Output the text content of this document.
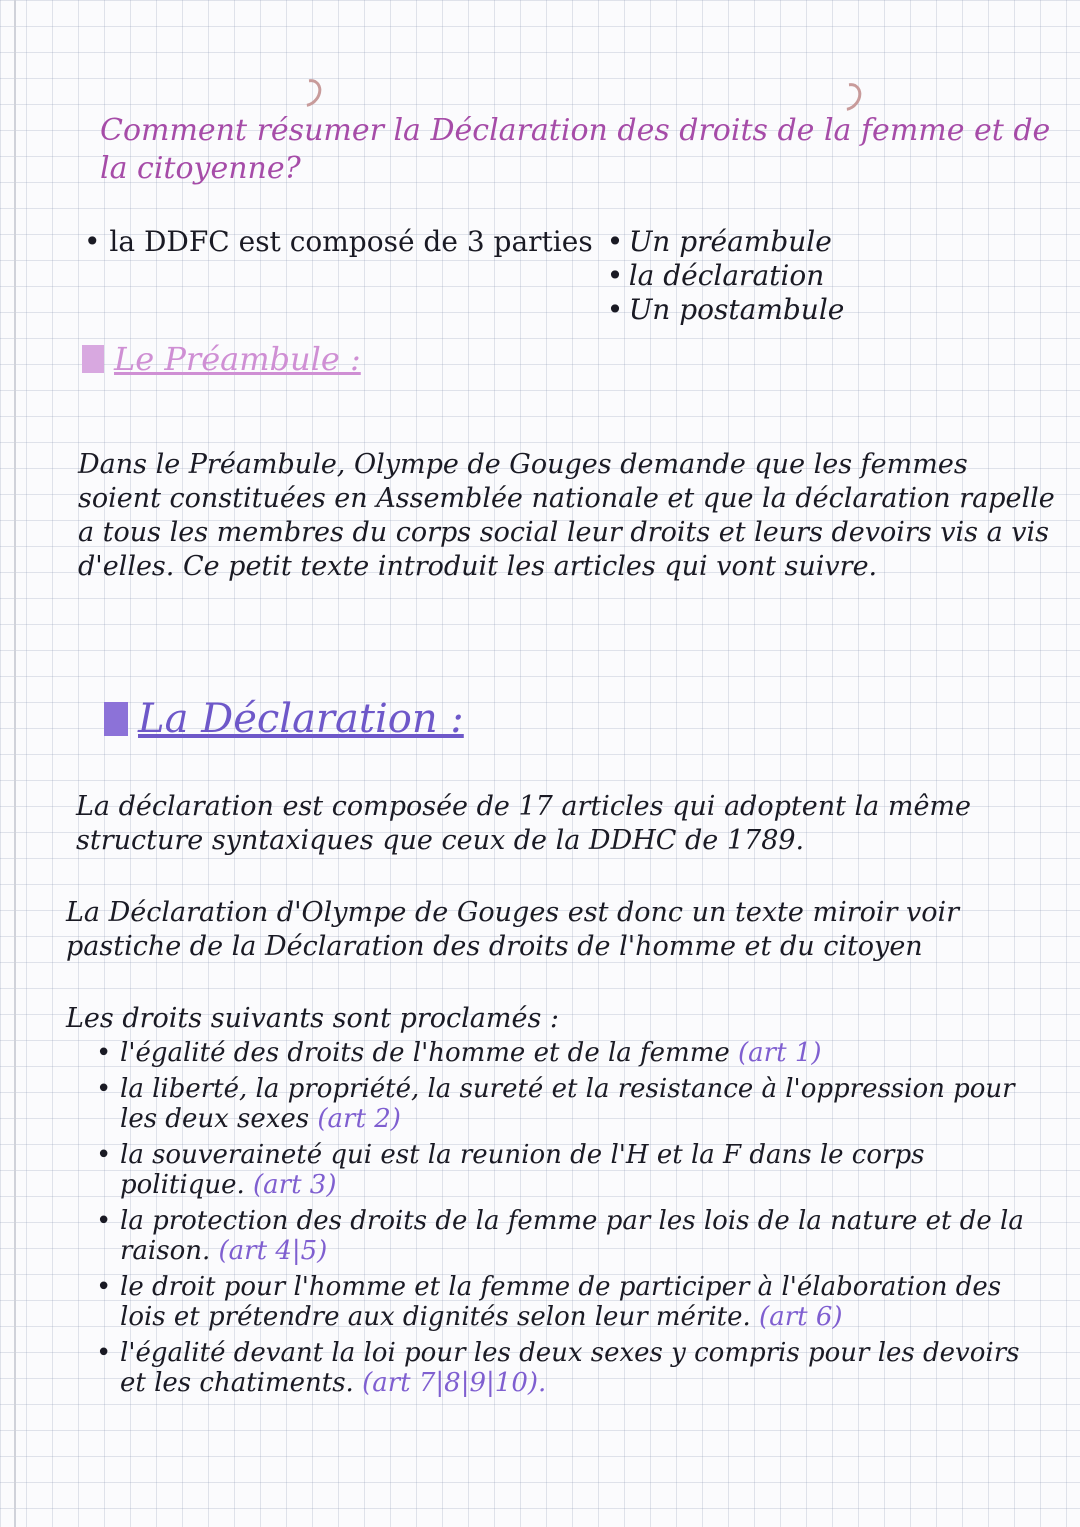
Comment résumer la Déclaration des droits de la femme et de la citoyenne?
• la DDFC est composé de 3 parties
•	Un préambule
• la déclaration
• Un postambule
Le Préambule :

Dans le Préambule, Olympe de Gouges demande que les femmes soient constituées en Assemblée nationale et que la déclaration rapelle a tous les membres du corps social leur droits et leurs devoirs vis a vis d'elles. Ce petit texte introduit les articles qui vont suivre.

La Déclaration :

La déclaration est composée de 17 articles qui adoptent la même structure syntaxiques que ceux de la DDHC de 1789.

La Déclaration d'Olympe de Gouges est donc un texte miroir voir pastiche de la Déclaration des droits de l'homme et du citoyen

Les droits suivants sont proclamés :

• l'égalité des droits de l'homme et de la femme (art 1)
• la liberté, la propriété, la sureté et la resistance à l'oppression pour les deux sexes (art 2)
• la souveraineté qui est la reunion de l'H et la F dans le corps politique. (art 3)
• la protection des droits de la femme par les lois de la nature et de la raison. (art 4|5)
• le droit pour l'homme et la femme de participer à l'élaboration des lois et prétendre aux dignités selon leur mérite. (art 6)
• l'égalité devant la loi pour les deux sexes y compris pour les devoirs et les chatiments. (art 7|8|9|10).
